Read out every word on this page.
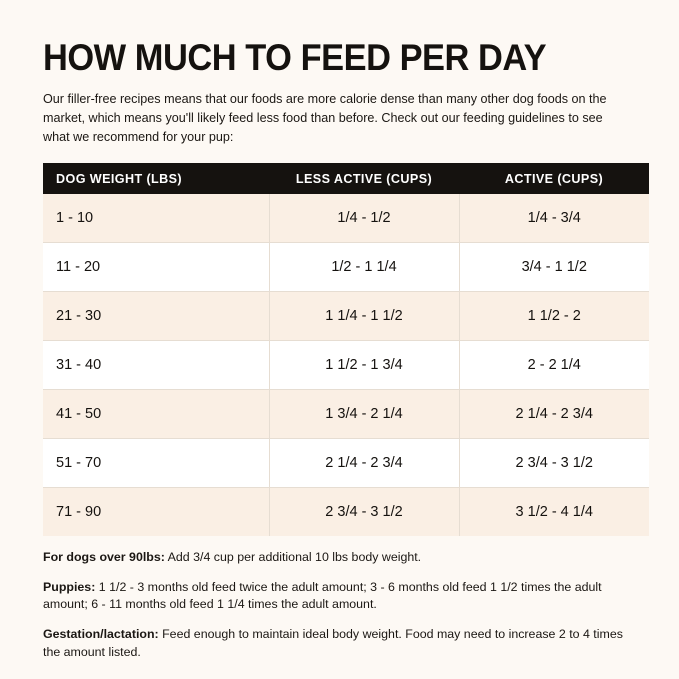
HOW MUCH TO FEED PER DAY

Our filler-free recipes means that our foods are more calorie dense than many other dog foods on the market, which means you'll likely feed less food than before. Check out our feeding guidelines to see what we recommend for your pup:

DOG WEIGHT (LBS)	LESS ACTIVE (CUPS)	ACTIVE (CUPS)
1 - 10	1/4 - 1/2	1/4 - 3/4
11 - 20	1/2 - 1 1/4	3/4 - 1 1/2
21 - 30	1 1/4 - 1 1/2	1 1/2 - 2
31 - 40	1 1/2 - 1 3/4	2 - 2 1/4
41 - 50	1 3/4 - 2 1/4	2 1/4 - 2 3/4
51 - 70	2 1/4 - 2 3/4	2 3/4 - 3 1/2
71 - 90	2 3/4 - 3 1/2	3 1/2 - 4 1/4

For dogs over 90lbs: Add 3/4 cup per additional 10 lbs body weight.

Puppies: 1 1/2 - 3 months old feed twice the adult amount; 3 - 6 months old feed 1 1/2 times the adult amount; 6 - 11 months old feed 1 1/4 times the adult amount.

Gestation/lactation: Feed enough to maintain ideal body weight. Food may need to increase 2 to 4 times the amount listed.
